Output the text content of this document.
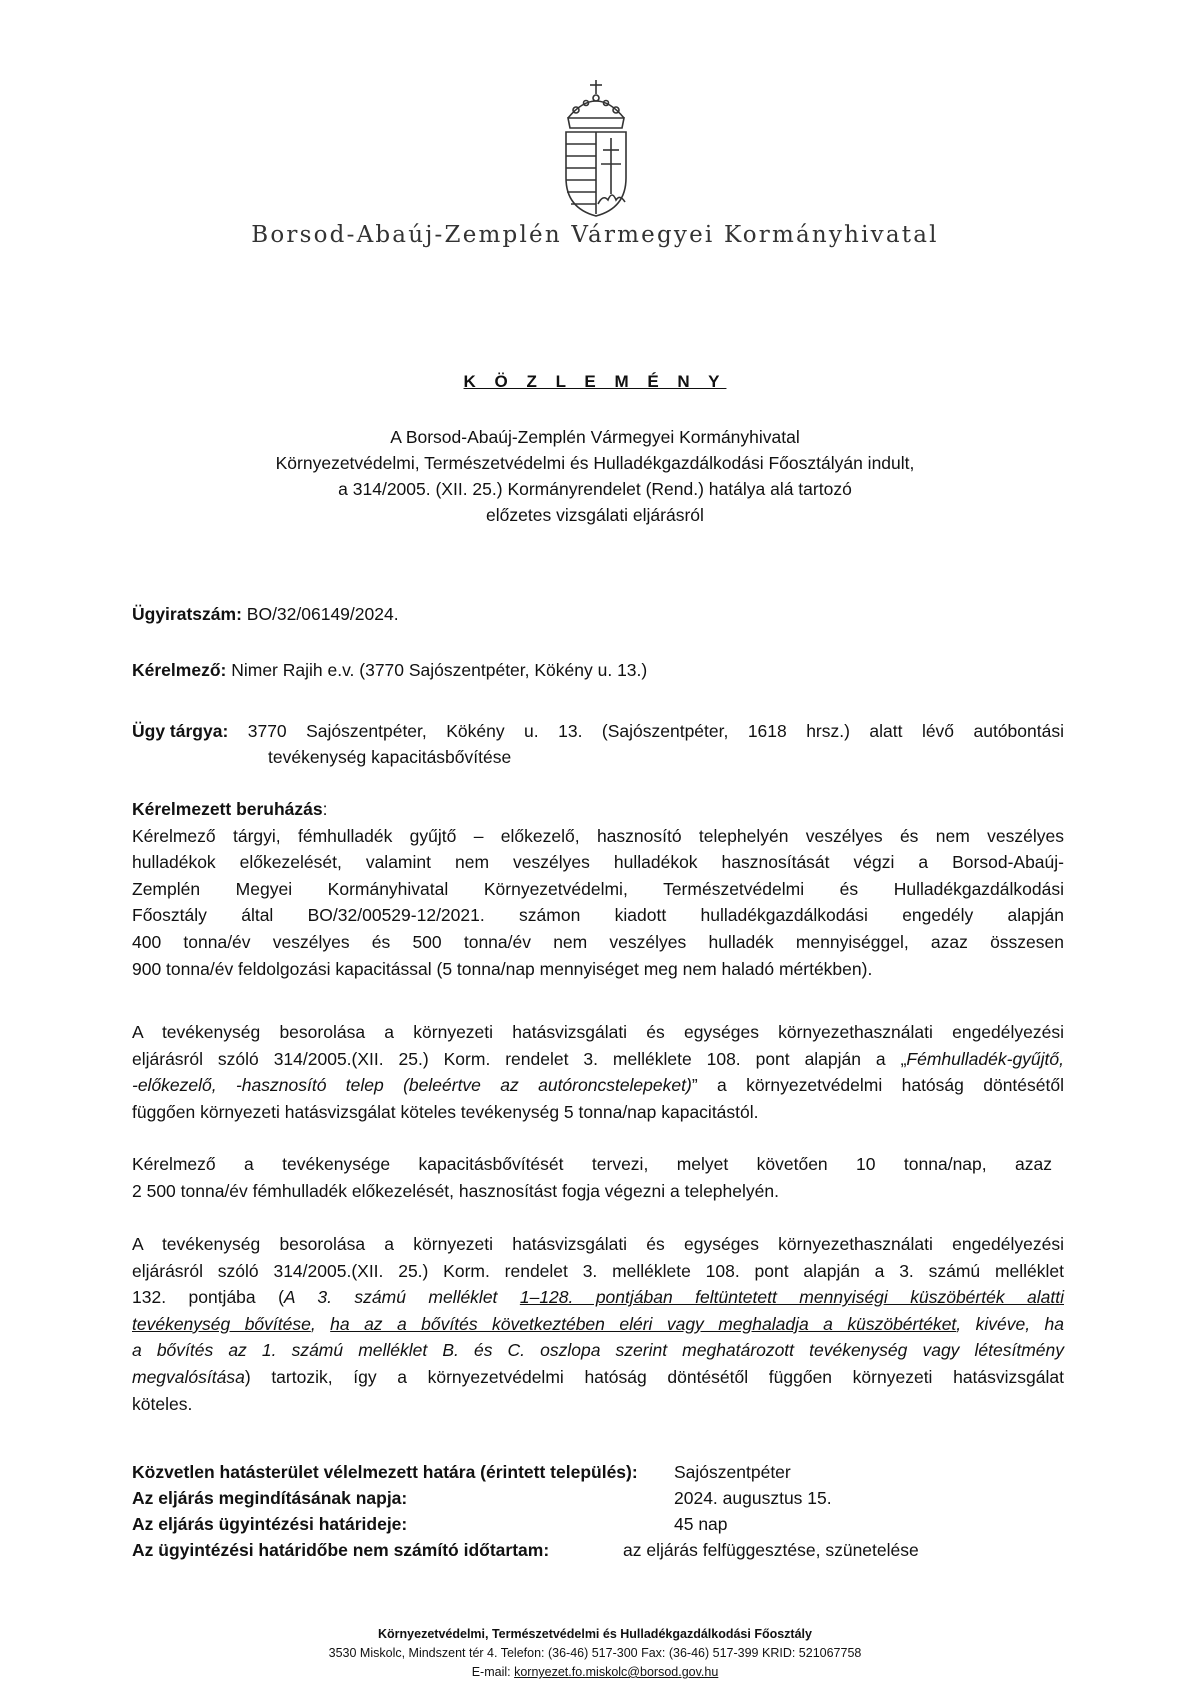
Borsod-Abaúj-Zemplén Vármegyei Kormányhivatal
K Ö Z L E M É N Y
A Borsod-Abaúj-Zemplén Vármegyei Kormányhivatal
Környezetvédelmi, Természetvédelmi és Hulladékgazdálkodási Főosztályán indult,
a 314/2005. (XII. 25.) Kormányrendelet (Rend.) hatálya alá tartozó
előzetes vizsgálati eljárásról
Ügyiratszám: BO/32/06149/2024.
Kérelmező: Nimer Rajih e.v. (3770 Sajószentpéter, Kökény u. 13.)
Ügy tárgya: 3770 Sajószentpéter, Kökény u. 13. (Sajószentpéter, 1618 hrsz.) alatt lévő autóbontási
tevékenység kapacitásbővítése
Kérelmezett beruházás:
Kérelmező tárgyi, fémhulladék gyűjtő – előkezelő, hasznosító telephelyén veszélyes és nem veszélyes
hulladékok előkezelését, valamint nem veszélyes hulladékok hasznosítását végzi a Borsod-Abaúj-
Zemplén Megyei Kormányhivatal Környezetvédelmi, Természetvédelmi és Hulladékgazdálkodási
Főosztály által BO/32/00529-12/2021. számon kiadott hulladékgazdálkodási engedély alapján
400 tonna/év veszélyes és 500 tonna/év nem veszélyes hulladék mennyiséggel, azaz összesen
900 tonna/év feldolgozási kapacitással (5 tonna/nap mennyiséget meg nem haladó mértékben).
A tevékenység besorolása a környezeti hatásvizsgálati és egységes környezethasználati engedélyezési
eljárásról szóló 314/2005.(XII. 25.) Korm. rendelet 3. melléklete 108. pont alapján a „Fémhulladék-gyűjtő,
-előkezelő, -hasznosító telep (beleértve az autóroncstelepeket)” a környezetvédelmi hatóság döntésétől
függően környezeti hatásvizsgálat köteles tevékenység 5 tonna/nap kapacitástól.
Kérelmező a tevékenysége kapacitásbővítését tervezi, melyet követően 10 tonna/nap, azaz
2 500 tonna/év fémhulladék előkezelését, hasznosítást fogja végezni a telephelyén.
A tevékenység besorolása a környezeti hatásvizsgálati és egységes környezethasználati engedélyezési
eljárásról szóló 314/2005.(XII. 25.) Korm. rendelet 3. melléklete 108. pont alapján a 3. számú melléklet
132. pontjába (A 3. számú melléklet 1–128. pontjában feltüntetett mennyiségi küszöbérték alatti
tevékenység bővítése, ha az a bővítés következtében eléri vagy meghaladja a küszöbértéket, kivéve, ha
a bővítés az 1. számú melléklet B. és C. oszlopa szerint meghatározott tevékenység vagy létesítmény
megvalósítása) tartozik, így a környezetvédelmi hatóság döntésétől függően környezeti hatásvizsgálat
köteles.
Közvetlen hatásterület vélelmezett határa (érintett település): Sajószentpéter
Az eljárás megindításának napja:	2024. augusztus 15.
Az eljárás ügyintézési határideje:	45 nap
Az ügyintézési határidőbe nem számító időtartam:	az eljárás felfüggesztése, szünetelése
Környezetvédelmi, Természetvédelmi és Hulladékgazdálkodási Főosztály
3530 Miskolc, Mindszent tér 4. Telefon: (36-46) 517-300 Fax: (36-46) 517-399 KRID: 521067758
E-mail: kornyezet.fo.miskolc@borsod.gov.hu
